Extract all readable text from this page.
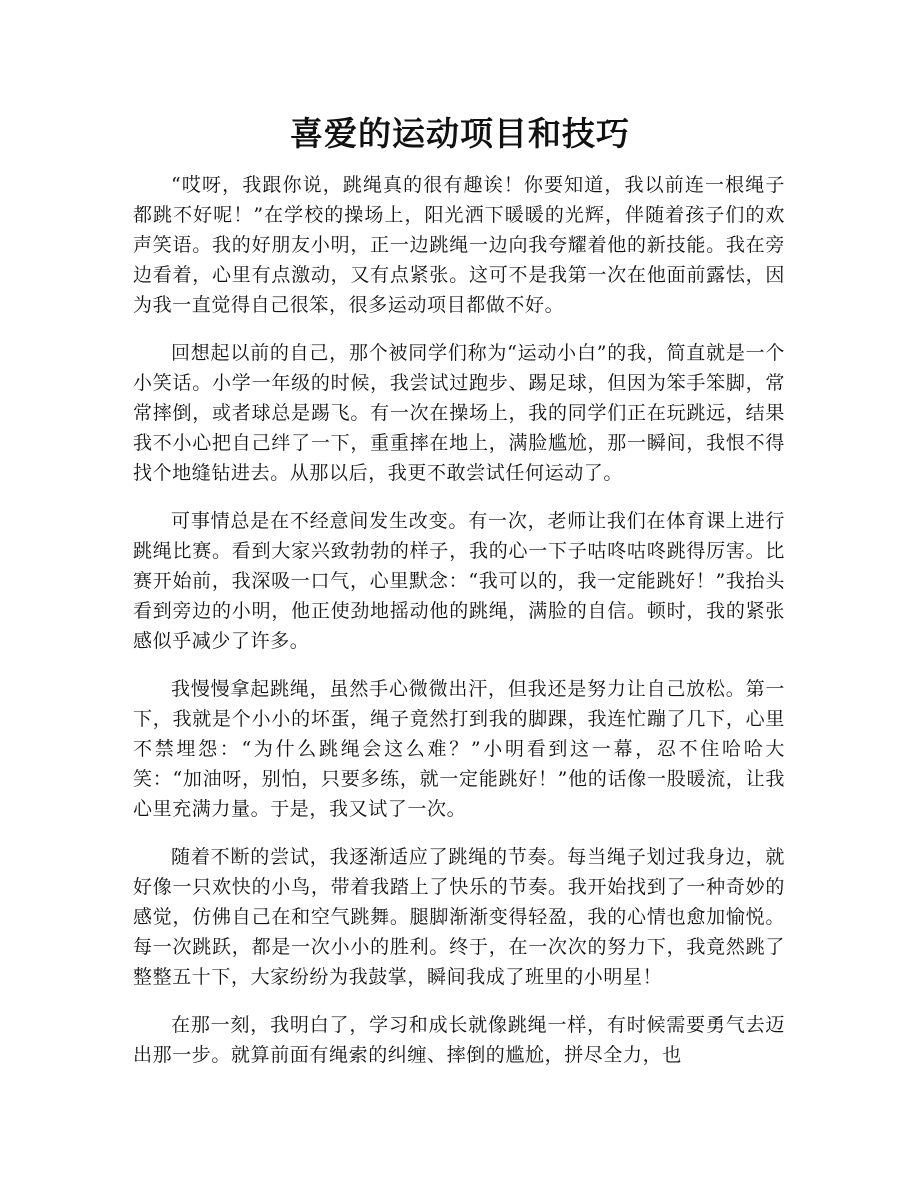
喜爱的运动项目和技巧

“哎呀，我跟你说，跳绳真的很有趣诶！你要知道，我以前连一根绳子都跳不好呢！”在学校的操场上，阳光洒下暖暖的光辉，伴随着孩子们的欢声笑语。我的好朋友小明，正一边跳绳一边向我夸耀着他的新技能。我在旁边看着，心里有点激动，又有点紧张。这可不是我第一次在他面前露怯，因为我一直觉得自己很笨，很多运动项目都做不好。

回想起以前的自己，那个被同学们称为“运动小白”的我，简直就是一个小笑话。小学一年级的时候，我尝试过跑步、踢足球，但因为笨手笨脚，常常摔倒，或者球总是踢飞。有一次在操场上，我的同学们正在玩跳远，结果我不小心把自己绊了一下，重重摔在地上，满脸尴尬，那一瞬间，我恨不得找个地缝钻进去。从那以后，我更不敢尝试任何运动了。

可事情总是在不经意间发生改变。有一次，老师让我们在体育课上进行跳绳比赛。看到大家兴致勃勃的样子，我的心一下子咕咚咕咚跳得厉害。比赛开始前，我深吸一口气，心里默念：“我可以的，我一定能跳好！”我抬头看到旁边的小明，他正使劲地摇动他的跳绳，满脸的自信。顿时，我的紧张感似乎减少了许多。

我慢慢拿起跳绳，虽然手心微微出汗，但我还是努力让自己放松。第一下，我就是个小小的坏蛋，绳子竟然打到我的脚踝，我连忙蹦了几下，心里不禁埋怨：“为什么跳绳会这么难？”小明看到这一幕，忍不住哈哈大笑：“加油呀，别怕，只要多练，就一定能跳好！”他的话像一股暖流，让我心里充满力量。于是，我又试了一次。

随着不断的尝试，我逐渐适应了跳绳的节奏。每当绳子划过我身边，就好像一只欢快的小鸟，带着我踏上了快乐的节奏。我开始找到了一种奇妙的感觉，仿佛自己在和空气跳舞。腿脚渐渐变得轻盈，我的心情也愈加愉悦。每一次跳跃，都是一次小小的胜利。终于，在一次次的努力下，我竟然跳了整整五十下，大家纷纷为我鼓掌，瞬间我成了班里的小明星！

在那一刻，我明白了，学习和成长就像跳绳一样，有时候需要勇气去迈出那一步。就算前面有绳索的纠缠、摔倒的尴尬，拼尽全力，也
